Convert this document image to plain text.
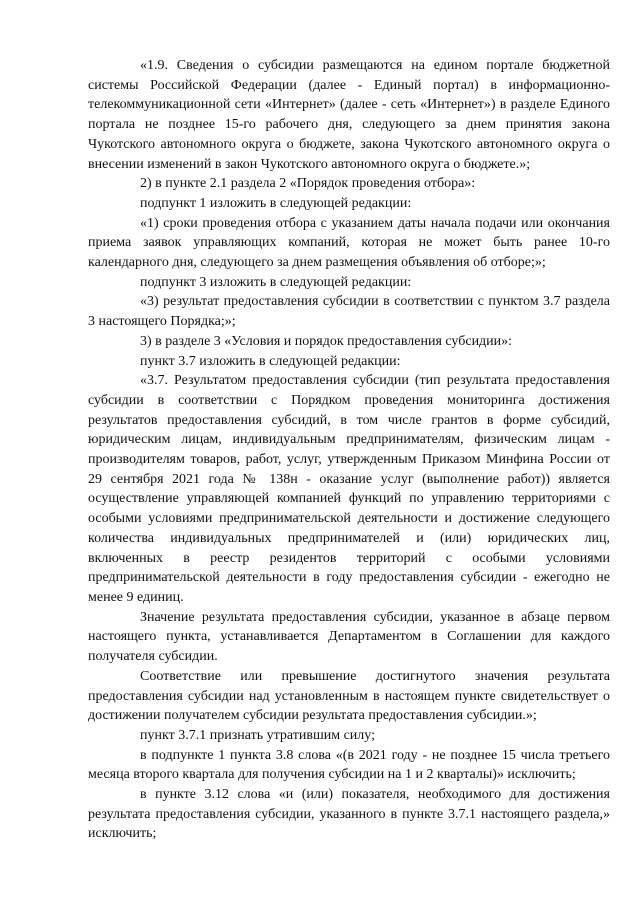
«1.9. Сведения о субсидии размещаются на едином портале бюджетной системы Российской Федерации (далее - Единый портал) в информационно-телекоммуникационной сети «Интернет» (далее - сеть «Интернет») в разделе Единого портала не позднее 15-го рабочего дня, следующего за днем принятия закона Чукотского автономного округа о бюджете, закона Чукотского автономного округа о внесении изменений в закон Чукотского автономного округа о бюджете.»;

2) в пункте 2.1 раздела 2 «Порядок проведения отбора»:

подпункт 1 изложить в следующей редакции:

«1) сроки проведения отбора с указанием даты начала подачи или окончания приема заявок управляющих компаний, которая не может быть ранее 10-го календарного дня, следующего за днем размещения объявления об отборе;»;

подпункт 3 изложить в следующей редакции:

«3) результат предоставления субсидии в соответствии с пунктом 3.7 раздела 3 настоящего Порядка;»;

3) в разделе 3 «Условия и порядок предоставления субсидии»:

пункт 3.7 изложить в следующей редакции:

«3.7. Результатом предоставления субсидии (тип результата предоставления субсидии в соответствии с Порядком проведения мониторинга достижения результатов предоставления субсидий, в том числе грантов в форме субсидий, юридическим лицам, индивидуальным предпринимателям, физическим лицам - производителям товаров, работ, услуг, утвержденным Приказом Минфина России от 29 сентября 2021 года № 138н - оказание услуг (выполнение работ)) является осуществление управляющей компанией функций по управлению территориями с особыми условиями предпринимательской деятельности и достижение следующего количества индивидуальных предпринимателей и (или) юридических лиц, включенных в реестр резидентов территорий с особыми условиями предпринимательской деятельности в году предоставления субсидии - ежегодно не менее 9 единиц.

Значение результата предоставления субсидии, указанное в абзаце первом настоящего пункта, устанавливается Департаментом в Соглашении для каждого получателя субсидии.

Соответствие или превышение достигнутого значения результата предоставления субсидии над установленным в настоящем пункте свидетельствует о достижении получателем субсидии результата предоставления субсидии.»;

пункт 3.7.1 признать утратившим силу;

в подпункте 1 пункта 3.8 слова «(в 2021 году - не позднее 15 числа третьего месяца второго квартала для получения субсидии на 1 и 2 кварталы)» исключить;

в пункте 3.12 слова «и (или) показателя, необходимого для достижения результата предоставления субсидии, указанного в пункте 3.7.1 настоящего раздела,» исключить;
